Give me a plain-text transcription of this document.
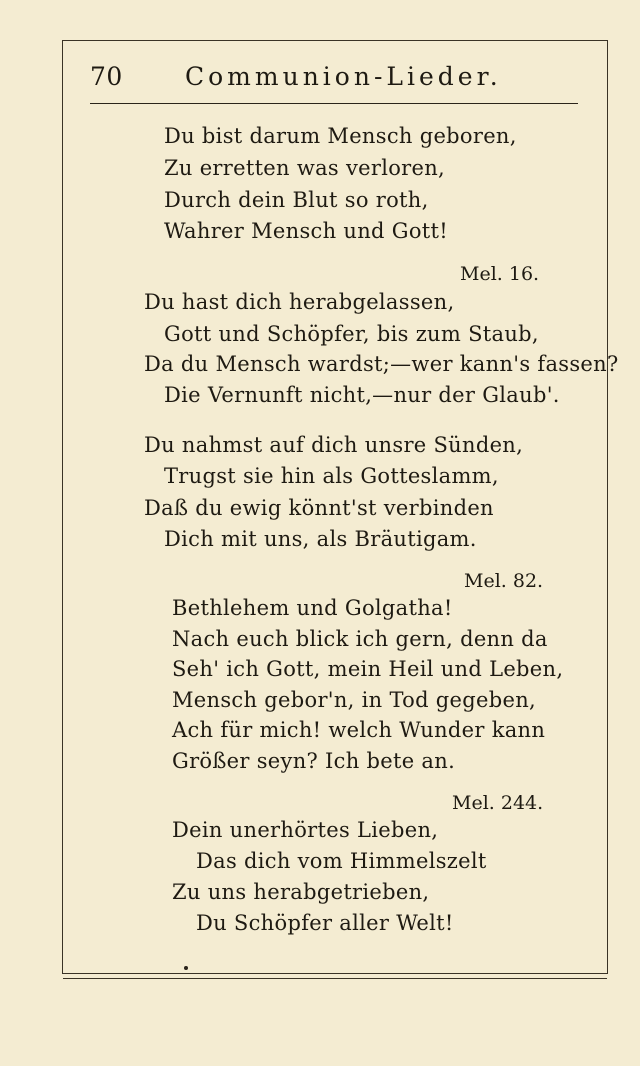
70 Communion-Lieder.
Du bist darum Mensch geboren,
Zu erretten was verloren,
Durch dein Blut so roth,
Wahrer Mensch und Gott!
Mel. 16.
Du hast dich herabgelassen,
Gott und Schöpfer, bis zum Staub,
Da du Mensch wardst;—wer kann's fassen?
Die Vernunft nicht,—nur der Glaub'.
Du nahmst auf dich unsre Sünden,
Trugst sie hin als Gotteslamm,
Daß du ewig könnt'st verbinden
Dich mit uns, als Bräutigam.
Mel. 82.
Bethlehem und Golgatha!
Nach euch blick ich gern, denn da
Seh' ich Gott, mein Heil und Leben,
Mensch gebor'n, in Tod gegeben,
Ach für mich! welch Wunder kann
Größer seyn? Ich bete an.
Mel. 244.
Dein unerhörtes Lieben,
Das dich vom Himmelszelt
Zu uns herabgetrieben,
Du Schöpfer aller Welt!
